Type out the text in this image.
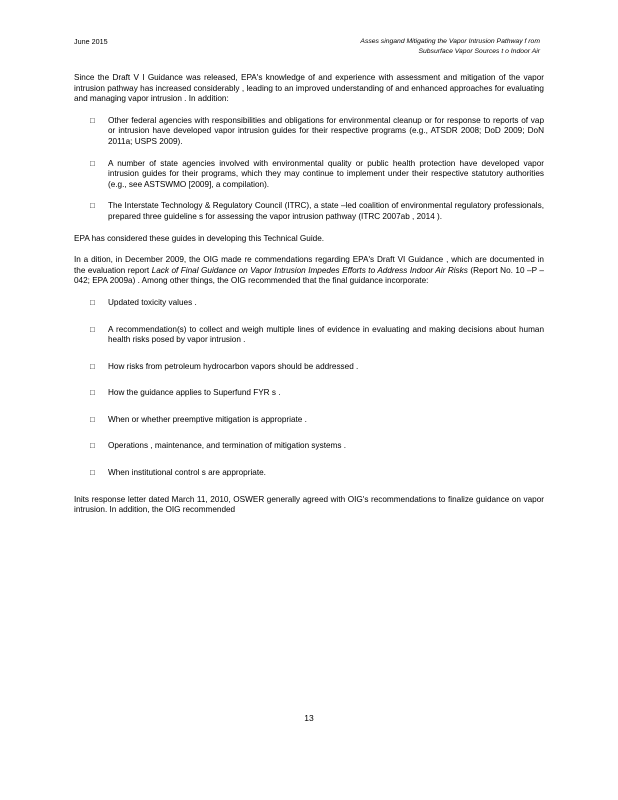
June 2015	Asses singand Mitigating the Vapor Intrusion Pathway f rom
Subsurface Vapor Sources t o Indoor Air

Since the Draft V I Guidance was released, EPA's knowledge of and experience with assessment and mitigation of the vapor intrusion pathway has increased considerably , leading to an improved understanding of and enhanced approaches for evaluating and managing vapor intrusion . In addition:

□ Other federal agencies with responsibilities and obligations for environmental cleanup or for response to reports of vap or intrusion have developed vapor intrusion guides for their respective programs (e.g., ATSDR 2008; DoD 2009; DoN 2011a; USPS 2009).
□ A number of state agencies involved with environmental quality or public health protection have developed vapor intrusion guides for their programs, which they may continue to implement under their respective statutory authorities (e.g., see ASTSWMO [2009], a compilation).
□ The Interstate Technology & Regulatory Council (ITRC), a state –led coalition of environmental regulatory professionals, prepared three guideline s for assessing the vapor intrusion pathway (ITRC 2007ab , 2014 ).

EPA has considered these guides in developing this Technical Guide.

In a dition, in December 2009, the OIG made re commendations regarding EPA's Draft VI Guidance , which are documented in the evaluation report Lack of Final Guidance on Vapor Intrusion Impedes Efforts to Address Indoor Air Risks (Report No. 10 –P –042; EPA 2009a) . Among other things, the OIG recommended that the final guidance incorporate:

□ Updated toxicity values .
□ A recommendation(s) to collect and weigh multiple lines of evidence in evaluating and making decisions about human health risks posed by vapor intrusion .
□ How risks from petroleum hydrocarbon vapors should be addressed .
□ How the guidance applies to Superfund FYR s .
□ When or whether preemptive mitigation is appropriate .
□ Operations , maintenance, and termination of mitigation systems .
□ When institutional control s are appropriate.

Inits response letter dated March 11, 2010, OSWER generally agreed with OIG's recommendations to finalize guidance on vapor intrusion. In addition, the OIG recommended

13
